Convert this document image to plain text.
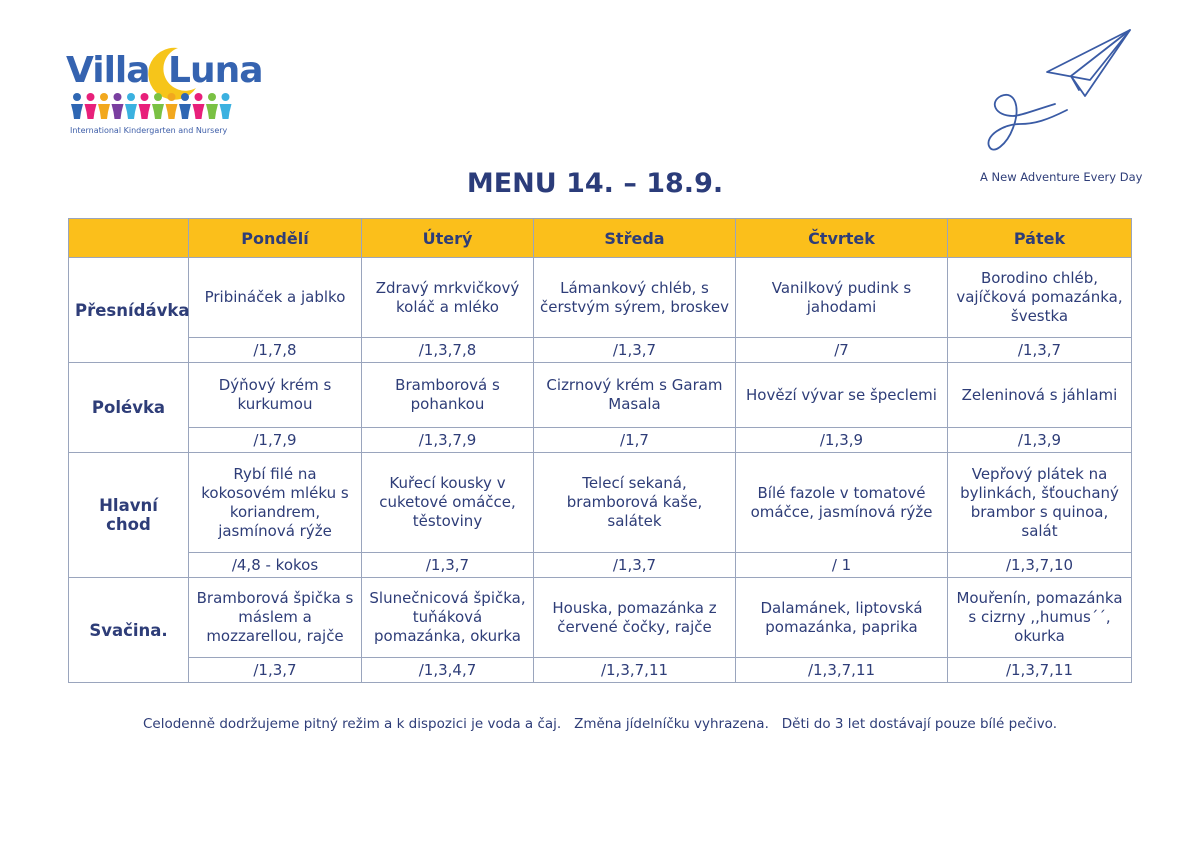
Villa Luna
International Kindergarten and Nursery
A New Adventure Every Day
MENU 14. – 18.9.
	Pondělí	Úterý	Středa	Čtvrtek	Pátek
Přesnídávka	Pribináček a jablko	Zdravý mrkvičkový koláč a mléko	Lámankový chléb, s čerstvým sýrem, broskev	Vanilkový pudink s jahodami	Borodino chléb, vajíčková pomazánka, švestka
	/1,7,8	/1,3,7,8	/1,3,7	/7	/1,3,7
Polévka	Dýňový krém s kurkumou	Bramborová s pohankou	Cizrnový krém s Garam Masala	Hovězí vývar se špeclemi	Zeleninová s jáhlami
	/1,7,9	/1,3,7,9	/1,7	/1,3,9	/1,3,9
Hlavní chod	Rybí filé na kokosovém mléku s koriandrem, jasmínová rýže	Kuřecí kousky v cuketové omáčce, těstoviny	Telecí sekaná, bramborová kaše, salátek	Bílé fazole v tomatové omáčce, jasmínová rýže	Vepřový plátek na bylinkách, šťouchaný brambor s quinoa, salát
	/4,8 - kokos	/1,3,7	/1,3,7	/ 1	/1,3,7,10
Svačina.	Bramborová špička s máslem a mozzarellou, rajče	Slunečnicová špička, tuňáková pomazánka, okurka	Houska, pomazánka z červené čočky, rajče	Dalamánek, liptovská pomazánka, paprika	Mouřenín, pomazánka s cizrny ,,humus´´, okurka
	/1,3,7	/1,3,4,7	/1,3,7,11	/1,3,7,11	/1,3,7,11
Celodenně dodržujeme pitný režim a k dispozici je voda a čaj.   Změna jídelníčku vyhrazena.   Děti do 3 let dostávají pouze bílé pečivo.
